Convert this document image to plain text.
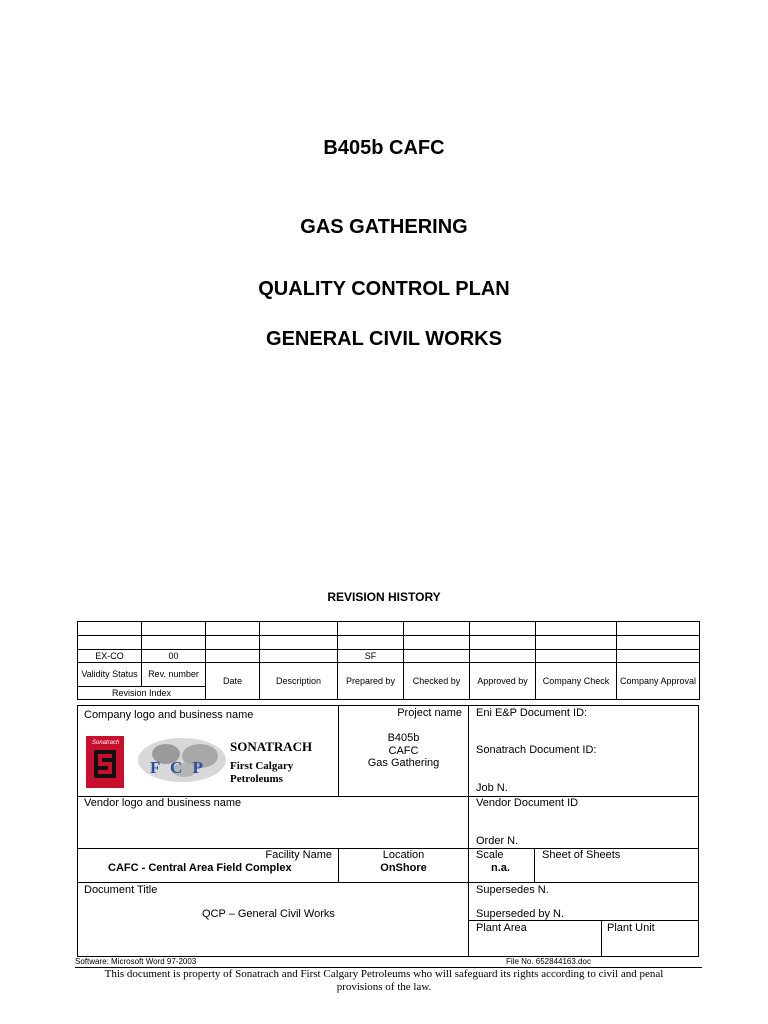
B405b CAFC
GAS GATHERING
QUALITY CONTROL PLAN
GENERAL CIVIL WORKS
REVISION HISTORY

EX-CO	00			SF				
Validity Status	Rev. number	Date	Description	Prepared by	Checked by	Approved by	Company Check	Company Approval
Revision Index								
Company logo and business name
Sonatrach
F C P
SONATRACH
First Calgary
Petroleums
Project name
B405b
CAFC
Gas Gathering
Eni E&P Document ID:
Sonatrach Document ID:
Job N.
Vendor logo and business name	Vendor Document ID
Order N.
Facility Name
CAFC - Central Area Field Complex
Location
OnShore
Scale
n.a.
Sheet of Sheets
Document Title
QCP – General Civil Works
Supersedes N.
Superseded by N.
Plant Area	Plant Unit
Software: Microsoft Word 97-2003	File No. 652844163.doc
This document is property of Sonatrach and First Calgary Petroleums who will safeguard its rights according to civil and penal
provisions of the law.
